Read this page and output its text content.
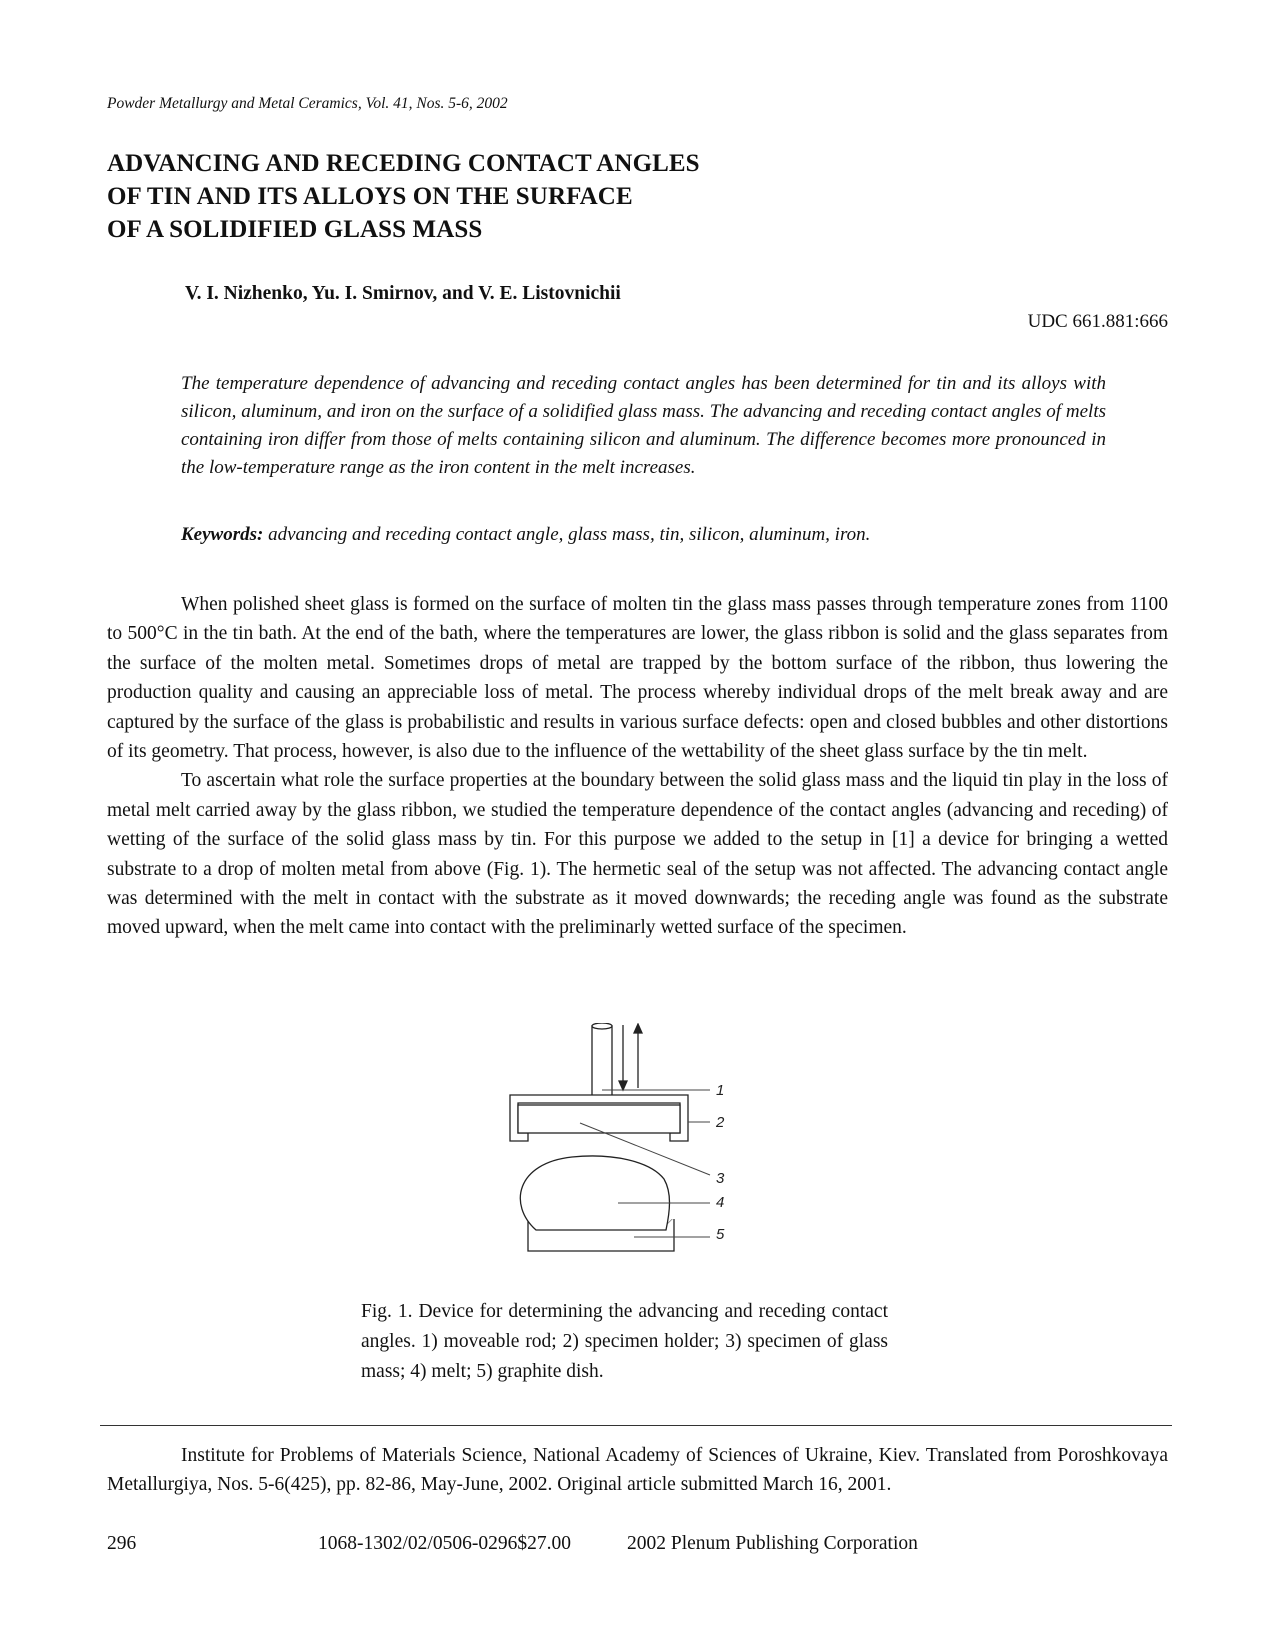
Powder Metallurgy and Metal Ceramics, Vol. 41, Nos. 5-6, 2002
ADVANCING AND RECEDING CONTACT ANGLES
OF TIN AND ITS ALLOYS ON THE SURFACE
OF A SOLIDIFIED GLASS MASS
V. I. Nizhenko, Yu. I. Smirnov, and V. E. Listovnichii
UDC 661.881:666
The temperature dependence of advancing and receding contact angles has been determined for tin and its alloys with silicon, aluminum, and iron on the surface of a solidified glass mass. The advancing and receding contact angles of melts containing iron differ from those of melts containing silicon and aluminum. The difference becomes more pronounced in the low-temperature range as the iron content in the melt increases.
Keywords: advancing and receding contact angle, glass mass, tin, silicon, aluminum, iron.

When polished sheet glass is formed on the surface of molten tin the glass mass passes through temperature zones from 1100 to 500°C in the tin bath. At the end of the bath, where the temperatures are lower, the glass ribbon is solid and the glass separates from the surface of the molten metal. Sometimes drops of metal are trapped by the bottom surface of the ribbon, thus lowering the production quality and causing an appreciable loss of metal. The process whereby individual drops of the melt break away and are captured by the surface of the glass is probabilistic and results in various surface defects: open and closed bubbles and other distortions of its geometry. That process, however, is also due to the influence of the wettability of the sheet glass surface by the tin melt.

To ascertain what role the surface properties at the boundary between the solid glass mass and the liquid tin play in the loss of metal melt carried away by the glass ribbon, we studied the temperature dependence of the contact angles (advancing and receding) of wetting of the surface of the solid glass mass by tin. For this purpose we added to the setup in [1] a device for bringing a wetted substrate to a drop of molten metal from above (Fig. 1). The hermetic seal of the setup was not affected. The advancing contact angle was determined with the melt in contact with the substrate as it moved downwards; the receding angle was found as the substrate moved upward, when the melt came into contact with the preliminarly wetted surface of the specimen.

1
2
3
4
5
Fig. 1. Device for determining the advancing and receding contact angles. 1) moveable rod; 2) specimen holder; 3) specimen of glass mass; 4) melt; 5) graphite dish.

Institute for Problems of Materials Science, National Academy of Sciences of Ukraine, Kiev. Translated from Poroshkovaya Metallurgiya, Nos. 5-6(425), pp. 82-86, May-June, 2002. Original article submitted March 16, 2001.

296	1068-1302/02/0506-0296$27.00	2002 Plenum Publishing Corporation
